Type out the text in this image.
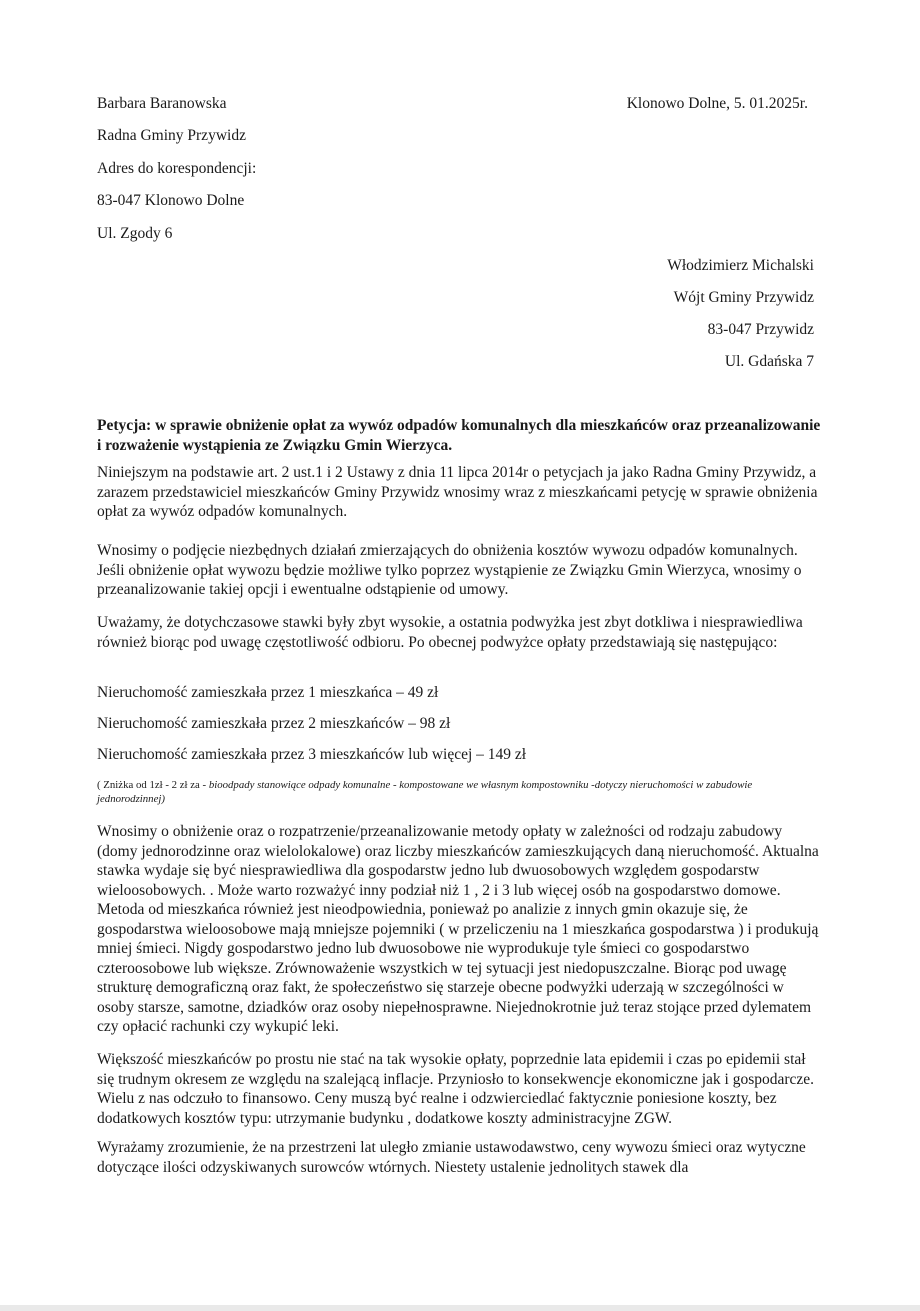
Barbara Baranowska
Radna Gminy Przywidz
Adres do korespondencji:
83-047 Klonowo Dolne
Ul. Zgody 6
Klonowo Dolne, 5. 01.2025r.
Włodzimierz Michalski
Wójt Gminy Przywidz
83-047 Przywidz
Ul. Gdańska 7
Petycja: w sprawie obniżenie opłat za wywóz odpadów komunalnych dla mieszkańców oraz przeanalizowanie i rozważenie wystąpienia ze Związku Gmin Wierzyca.
Niniejszym na podstawie art. 2 ust.1 i 2 Ustawy z dnia 11 lipca 2014r o petycjach ja jako Radna Gminy Przywidz, a zarazem przedstawiciel mieszkańców Gminy Przywidz wnosimy wraz z mieszkańcami petycję w sprawie obniżenia opłat za wywóz odpadów komunalnych.
Wnosimy o podjęcie niezbędnych działań zmierzających do obniżenia kosztów wywozu odpadów komunalnych. Jeśli obniżenie opłat wywozu będzie możliwe tylko poprzez wystąpienie ze Związku Gmin Wierzyca, wnosimy o przeanalizowanie takiej opcji i ewentualne odstąpienie od umowy.
Uważamy, że dotychczasowe stawki były zbyt wysokie, a ostatnia podwyżka jest zbyt dotkliwa i niesprawiedliwa również biorąc pod uwagę częstotliwość odbioru. Po obecnej podwyżce opłaty przedstawiają się następująco:
Nieruchomość zamieszkała przez 1 mieszkańca – 49 zł
Nieruchomość zamieszkała przez 2 mieszkańców – 98 zł
Nieruchomość zamieszkała przez 3 mieszkańców lub więcej – 149 zł
( Zniżka od 1zł - 2 zł za - bioodpady stanowiące odpady komunalne - kompostowane we własnym kompostowniku -dotyczy nieruchomości w zabudowie jednorodzinnej)
Wnosimy o obniżenie oraz o rozpatrzenie/przeanalizowanie metody opłaty w zależności od rodzaju zabudowy (domy jednorodzinne oraz wielolokalowe) oraz liczby mieszkańców zamieszkujących daną nieruchomość. Aktualna stawka wydaje się być niesprawiedliwa dla gospodarstw jedno lub dwuosobowych względem gospodarstw wieloosobowych. . Może warto rozważyć inny podział niż 1 , 2 i 3 lub więcej osób na gospodarstwo domowe. Metoda od mieszkańca również jest nieodpowiednia, ponieważ po analizie z innych gmin okazuje się, że gospodarstwa wieloosobowe mają mniejsze pojemniki ( w przeliczeniu na 1 mieszkańca gospodarstwa ) i produkują mniej śmieci. Nigdy gospodarstwo jedno lub dwuosobowe nie wyprodukuje tyle śmieci co gospodarstwo czteroosobowe lub większe. Zrównoważenie wszystkich w tej sytuacji jest niedopuszczalne. Biorąc pod uwagę strukturę demograficzną oraz fakt, że społeczeństwo się starzeje obecne podwyżki uderzają w szczególności w osoby starsze, samotne, dziadków oraz osoby niepełnosprawne. Niejednokrotnie już teraz stojące przed dylematem czy opłacić rachunki czy wykupić leki.
Większość mieszkańców po prostu nie stać na tak wysokie opłaty, poprzednie lata epidemii i czas po epidemii stał się trudnym okresem ze względu na szalejącą inflacje. Przyniosło to konsekwencje ekonomiczne jak i gospodarcze. Wielu z nas odczuło to finansowo. Ceny muszą być realne i odzwierciedlać faktycznie poniesione koszty, bez dodatkowych kosztów typu: utrzymanie budynku , dodatkowe koszty administracyjne ZGW.
Wyrażamy zrozumienie, że na przestrzeni lat uległo zmianie ustawodawstwo, ceny wywozu śmieci oraz wytyczne dotyczące ilości odzyskiwanych surowców wtórnych. Niestety ustalenie jednolitych stawek dla
